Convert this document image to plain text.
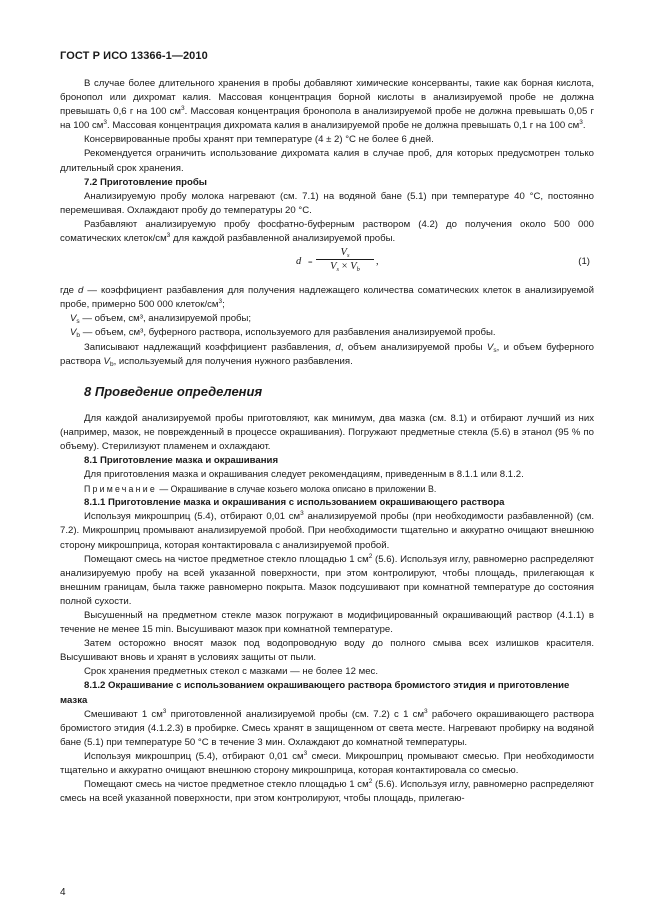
ГОСТ Р ИСО 13366-1—2010

В случае более длительного хранения в пробы добавляют химические консерванты, такие как борная кислота, бронопол или дихромат калия. Массовая концентрация борной кислоты в анализируемой пробе не должна превышать 0,6 г на 100 $см^3$. Массовая концентрация бронопола в анализируемой пробе не должна превышать 0,05 г на 100 $см^3$. Массовая концентрация дихромата калия в анализируемой пробе не должна превышать 0,1 г на 100 $см^3$.

Консервированные пробы хранят при температуре (4 ± 2) °С не более 6 дней.

Рекомендуется ограничить использование дихромата калия в случае проб, для которых предусмотрен только длительный срок хранения.

7.2 Приготовление пробы

Анализируемую пробу молока нагревают (см. 7.1) на водяной бане (5.1) при температуре 40 °С, постоянно перемешивая. Охлаждают пробу до температуры 20 °С.

Разбавляют анализируемую пробу фосфатно-буферным раствором (4.2) до получения около 500 000 соматических клеток/$см^3$ для каждой разбавленной анализируемой пробы.

$d = \frac{V_s}{V_s \times V_b}$ ,	(1)

где d — коэффициент разбавления для получения надлежащего количества соматических клеток в анализируемой пробе, примерно 500 000 клеток/$см^3$;

$V_s$ — объем, см³, анализируемой пробы;

$V_b$ — объем, см³, буферного раствора, используемого для разбавления анализируемой пробы.

Записывают надлежащий коэффициент разбавления, d, объем анализируемой пробы $V_s$, и объем буферного раствора $V_b$, используемый для получения нужного разбавления.

8 Проведение определения

Для каждой анализируемой пробы приготовляют, как минимум, два мазка (см. 8.1) и отбирают лучший из них (например, мазок, не поврежденный в процессе окрашивания). Погружают предметные стекла (5.6) в этанол (95 % по объему). Стерилизуют пламенем и охлаждают.

8.1 Приготовление мазка и окрашивания

Для приготовления мазка и окрашивания следует рекомендациям, приведенным в 8.1.1 или 8.1.2.

Примечание — Окрашивание в случае козьего молока описано в приложении В.

8.1.1 Приготовление мазка и окрашивания с использованием окрашивающего раствора

Используя микрошприц (5.4), отбирают 0,01 $см^3$ анализируемой пробы (при необходимости разбавленной) (см. 7.2). Микрошприц промывают анализируемой пробой. При необходимости тщательно и аккуратно очищают внешнюю сторону микрошприца, которая контактировала с анализируемой пробой.

Помещают смесь на чистое предметное стекло площадью 1 $см^2$ (5.6). Используя иглу, равномерно распределяют анализируемую пробу на всей указанной поверхности, при этом контролируют, чтобы площадь, прилегающая к внешним границам, была также равномерно покрыта. Мазок подсушивают при комнатной температуре до состояния полной сухости.

Высушенный на предметном стекле мазок погружают в модифицированный окрашивающий раствор (4.1.1) в течение не менее 15 min. Высушивают мазок при комнатной температуре.

Затем осторожно вносят мазок под водопроводную воду до полного смыва всех излишков красителя. Высушивают вновь и хранят в условиях защиты от пыли.

Срок хранения предметных стекол с мазками — не более 12 мес.

8.1.2 Окрашивание с использованием окрашивающего раствора бромистого этидия и приготовление мазка

Смешивают 1 $см^3$ приготовленной анализируемой пробы (см. 7.2) с 1 $см^3$ рабочего окрашивающего раствора бромистого этидия (4.1.2.3) в пробирке. Смесь хранят в защищенном от света месте. Нагревают пробирку на водяной бане (5.1) при температуре 50 °С в течение 3 мин. Охлаждают до комнатной температуры.

Используя микрошприц (5.4), отбирают 0,01 $см^3$ смеси. Микрошприц промывают смесью. При необходимости тщательно и аккуратно очищают внешнюю сторону микрошприца, которая контактировала со смесью.

Помещают смесь на чистое предметное стекло площадью 1 $см^2$ (5.6). Используя иглу, равномерно распределяют смесь на всей указанной поверхности, при этом контролируют, чтобы площадь, прилегаю-

4
